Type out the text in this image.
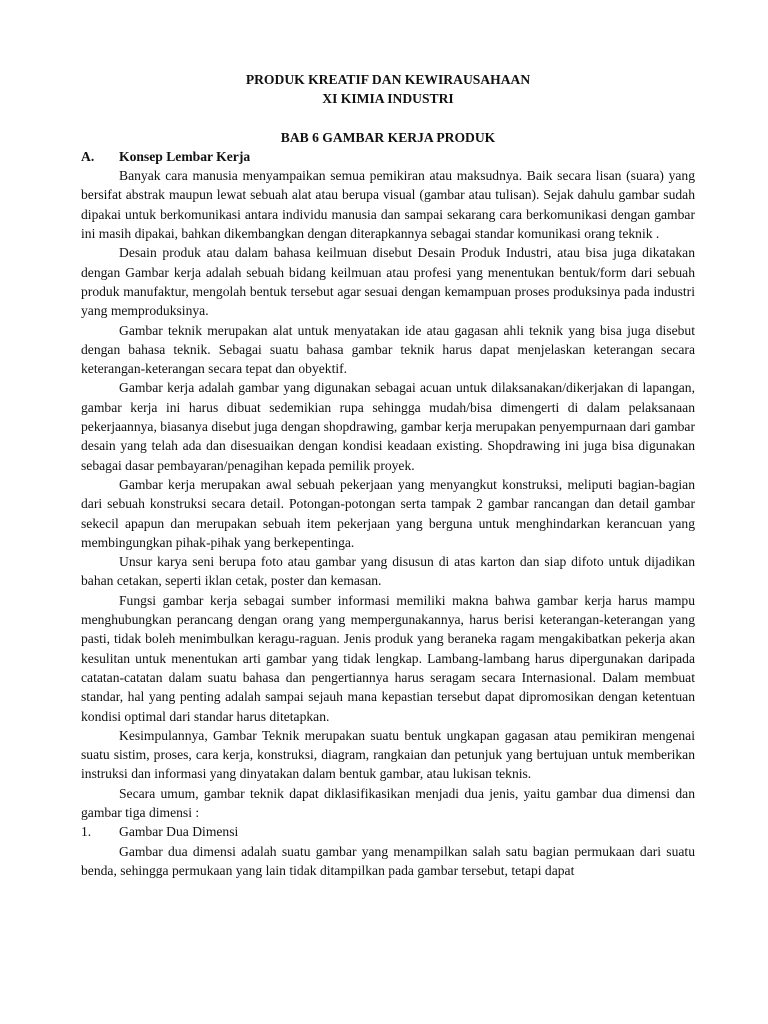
PRODUK KREATIF DAN KEWIRAUSAHAAN

XI KIMIA INDUSTRI

BAB 6 GAMBAR KERJA PRODUK

A.	Konsep Lembar Kerja

Banyak cara manusia menyampaikan semua pemikiran atau maksudnya. Baik secara lisan (suara) yang bersifat abstrak maupun lewat sebuah alat atau berupa visual (gambar atau tulisan). Sejak dahulu gambar sudah dipakai untuk berkomunikasi antara individu manusia dan sampai sekarang cara berkomunikasi dengan gambar ini masih dipakai, bahkan dikembangkan dengan diterapkannya sebagai standar komunikasi orang teknik .

Desain produk atau dalam bahasa keilmuan disebut Desain Produk Industri, atau bisa juga dikatakan dengan Gambar kerja adalah sebuah bidang keilmuan atau profesi yang menentukan bentuk/form dari sebuah produk manufaktur, mengolah bentuk tersebut agar sesuai dengan kemampuan proses produksinya pada industri yang memproduksinya.

Gambar teknik merupakan alat untuk menyatakan ide atau gagasan ahli teknik yang bisa juga disebut dengan bahasa teknik. Sebagai suatu bahasa gambar teknik harus dapat menjelaskan keterangan secara keterangan-keterangan secara tepat dan obyektif.

Gambar kerja adalah gambar yang digunakan sebagai acuan untuk dilaksanakan/dikerjakan di lapangan, gambar kerja ini harus dibuat sedemikian rupa sehingga mudah/bisa dimengerti di dalam pelaksanaan pekerjaannya, biasanya disebut juga dengan shopdrawing, gambar kerja merupakan penyempurnaan dari gambar desain yang telah ada dan disesuaikan dengan kondisi keadaan existing. Shopdrawing ini juga bisa digunakan sebagai dasar pembayaran/penagihan kepada pemilik proyek.

Gambar kerja merupakan awal sebuah pekerjaan yang menyangkut konstruksi, meliputi bagian-bagian dari sebuah konstruksi secara detail. Potongan-potongan serta tampak 2 gambar rancangan dan detail gambar sekecil apapun dan merupakan sebuah item pekerjaan yang berguna untuk menghindarkan kerancuan yang membingungkan pihak-pihak yang berkepentinga.

Unsur karya seni berupa foto atau gambar yang disusun di atas karton dan siap difoto untuk dijadikan bahan cetakan, seperti iklan cetak, poster dan kemasan.

Fungsi gambar kerja sebagai sumber informasi memiliki makna bahwa gambar kerja harus mampu menghubungkan perancang dengan orang yang mempergunakannya, harus berisi keterangan-keterangan yang pasti, tidak boleh menimbulkan keragu-raguan. Jenis produk yang beraneka ragam mengakibatkan pekerja akan kesulitan untuk menentukan arti gambar yang tidak lengkap. Lambang-lambang harus dipergunakan daripada catatan-catatan dalam suatu bahasa dan pengertiannya harus seragam secara Internasional. Dalam membuat standar, hal yang penting adalah sampai sejauh mana kepastian tersebut dapat dipromosikan dengan ketentuan kondisi optimal dari standar harus ditetapkan.

Kesimpulannya, Gambar Teknik merupakan suatu bentuk ungkapan gagasan atau pemikiran mengenai suatu sistim, proses, cara kerja, konstruksi, diagram, rangkaian dan petunjuk yang bertujuan untuk memberikan instruksi dan informasi yang dinyatakan dalam bentuk gambar, atau lukisan teknis.

Secara umum, gambar teknik dapat diklasifikasikan menjadi dua jenis, yaitu gambar dua dimensi dan gambar tiga dimensi :

1.	Gambar Dua Dimensi

Gambar dua dimensi adalah suatu gambar yang menampilkan salah satu bagian permukaan dari suatu benda, sehingga permukaan yang lain tidak ditampilkan pada gambar tersebut, tetapi dapat
